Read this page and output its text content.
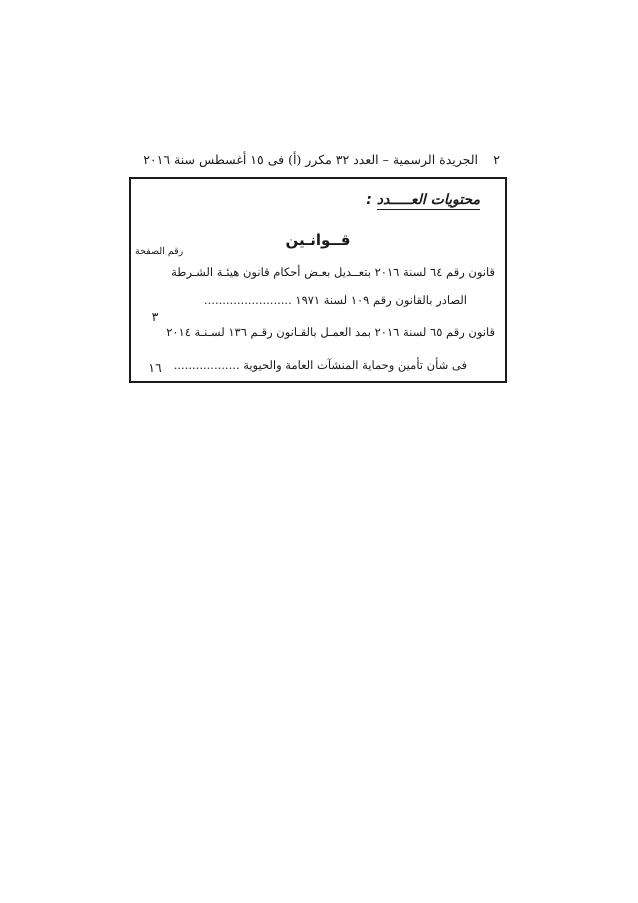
٢
الجريدة الرسمية – العدد ٣٢ مكرر (أ) فى ١٥ أغسطس سنة ٢٠١٦
محتويات العـــــدد :
قــوانـين
رقم الصفحة
قانون رقم ٦٤ لسنة ٢٠١٦ بتعــديل بعـض أحكام قانون هيئـة الشـرطة
الصادر بالقانون رقم ١٠٩ لسنة ١٩٧١ ........................
٣
قانون رقم ٦٥ لسنة ٢٠١٦ بمد العمـل بالقـانون رقـم ١٣٦ لسـنـة ٢٠١٤
فى شأن تأمين وحماية المنشآت العامة والحيوية ..................
١٦
